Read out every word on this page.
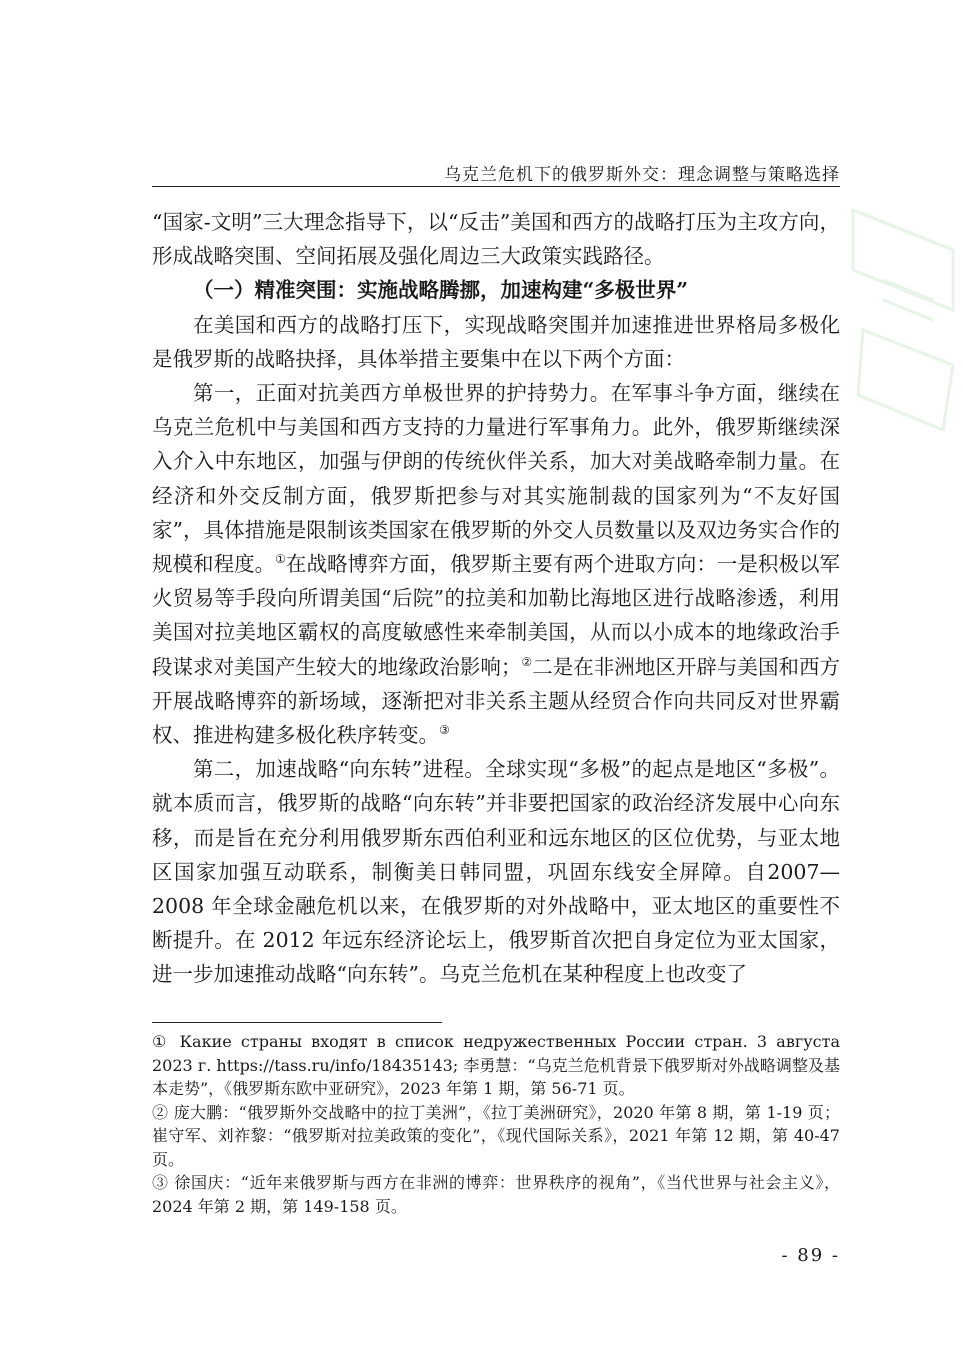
乌克兰危机下的俄罗斯外交：理念调整与策略选择

“国家-文明”三大理念指导下，以“反击”美国和西方的战略打压为主攻方向，形成战略突围、空间拓展及强化周边三大政策实践路径。

（一）精准突围：实施战略腾挪，加速构建“多极世界”

在美国和西方的战略打压下，实现战略突围并加速推进世界格局多极化是俄罗斯的战略抉择，具体举措主要集中在以下两个方面：

第一，正面对抗美西方单极世界的护持势力。在军事斗争方面，继续在乌克兰危机中与美国和西方支持的力量进行军事角力。此外，俄罗斯继续深入介入中东地区，加强与伊朗的传统伙伴关系，加大对美战略牵制力量。在经济和外交反制方面，俄罗斯把参与对其实施制裁的国家列为“不友好国家”，具体措施是限制该类国家在俄罗斯的外交人员数量以及双边务实合作的规模和程度。①在战略博弈方面，俄罗斯主要有两个进取方向：一是积极以军火贸易等手段向所谓美国“后院”的拉美和加勒比海地区进行战略渗透，利用美国对拉美地区霸权的高度敏感性来牵制美国，从而以小成本的地缘政治手段谋求对美国产生较大的地缘政治影响；②二是在非洲地区开辟与美国和西方开展战略博弈的新场域，逐渐把对非关系主题从经贸合作向共同反对世界霸权、推进构建多极化秩序转变。③

第二，加速战略“向东转”进程。全球实现“多极”的起点是地区“多极”。就本质而言，俄罗斯的战略“向东转”并非要把国家的政治经济发展中心向东移，而是旨在充分利用俄罗斯东西伯利亚和远东地区的区位优势，与亚太地区国家加强互动联系，制衡美日韩同盟，巩固东线安全屏障。自2007—2008 年全球金融危机以来，在俄罗斯的对外战略中，亚太地区的重要性不断提升。在 2012 年远东经济论坛上，俄罗斯首次把自身定位为亚太国家，进一步加速推动战略“向东转”。乌克兰危机在某种程度上也改变了

① Какие страны входят в список недружественных России стран. 3 августа 2023 г. https://tass.ru/info/18435143; 李勇慧：“乌克兰危机背景下俄罗斯对外战略调整及基本走势”，《俄罗斯东欧中亚研究》，2023 年第 1 期，第 56-71 页。

② 庞大鹏：“俄罗斯外交战略中的拉丁美洲”，《拉丁美洲研究》，2020 年第 8 期，第 1-19 页；崔守军、刘祚黎：“俄罗斯对拉美政策的变化”，《现代国际关系》，2021 年第 12 期，第 40-47 页。

③ 徐国庆：“近年来俄罗斯与西方在非洲的博弈：世界秩序的视角”，《当代世界与社会主义》，2024 年第 2 期，第 149-158 页。

- 89 -
